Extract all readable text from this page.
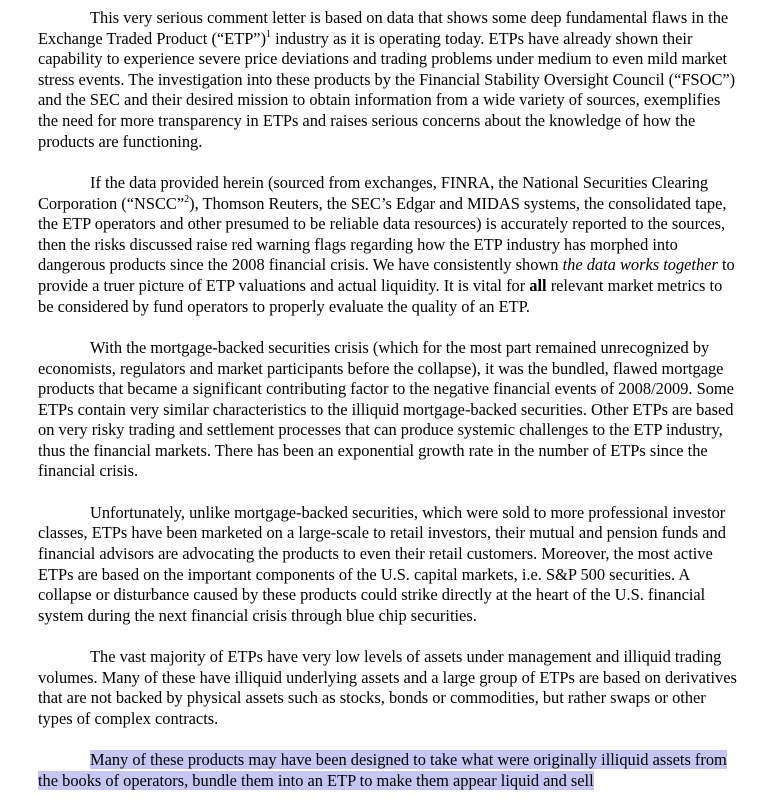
This very serious comment letter is based on data that shows some deep fundamental flaws in the Exchange Traded Product (“ETP”)$^1$ industry as it is operating today. ETPs have already shown their capability to experience severe price deviations and trading problems under medium to even mild market stress events. The investigation into these products by the Financial Stability Oversight Council (“FSOC”) and the SEC and their desired mission to obtain information from a wide variety of sources, exemplifies the need for more transparency in ETPs and raises serious concerns about the knowledge of how the products are functioning.

If the data provided herein (sourced from exchanges, FINRA, the National Securities Clearing Corporation (“NSCC”$^2$), Thomson Reuters, the SEC’s Edgar and MIDAS systems, the consolidated tape, the ETP operators and other presumed to be reliable data resources) is accurately reported to the sources, then the risks discussed raise red warning flags regarding how the ETP industry has morphed into dangerous products since the 2008 financial crisis. We have consistently shown the data works together to provide a truer picture of ETP valuations and actual liquidity. It is vital for all relevant market metrics to be considered by fund operators to properly evaluate the quality of an ETP.

With the mortgage-backed securities crisis (which for the most part remained unrecognized by economists, regulators and market participants before the collapse), it was the bundled, flawed mortgage products that became a significant contributing factor to the negative financial events of 2008/2009. Some ETPs contain very similar characteristics to the illiquid mortgage-backed securities. Other ETPs are based on very risky trading and settlement processes that can produce systemic challenges to the ETP industry, thus the financial markets. There has been an exponential growth rate in the number of ETPs since the financial crisis.

Unfortunately, unlike mortgage-backed securities, which were sold to more professional investor classes, ETPs have been marketed on a large-scale to retail investors, their mutual and pension funds and financial advisors are advocating the products to even their retail customers. Moreover, the most active ETPs are based on the important components of the U.S. capital markets, i.e. S&P 500 securities. A collapse or disturbance caused by these products could strike directly at the heart of the U.S. financial system during the next financial crisis through blue chip securities.

The vast majority of ETPs have very low levels of assets under management and illiquid trading volumes. Many of these have illiquid underlying assets and a large group of ETPs are based on derivatives that are not backed by physical assets such as stocks, bonds or commodities, but rather swaps or other types of complex contracts.

Many of these products may have been designed to take what were originally illiquid assets from the books of operators, bundle them into an ETP to make them appear liquid and sell
